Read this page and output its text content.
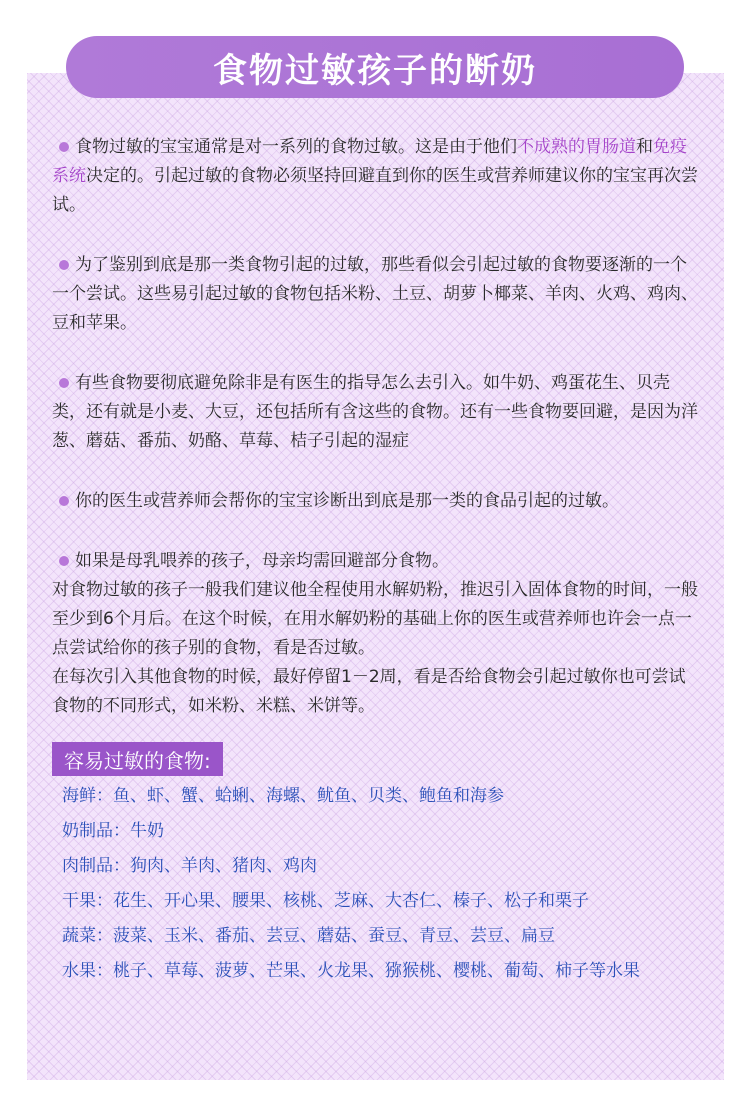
食物过敏孩子的断奶

食物过敏的宝宝通常是对一系列的食物过敏。这是由于他们不成熟的胃肠道和免疫系统决定的。引起过敏的食物必须坚持回避直到你的医生或营养师建议你的宝宝再次尝试。

为了鉴别到底是那一类食物引起的过敏，那些看似会引起过敏的食物要逐渐的一个一个尝试。这些易引起过敏的食物包括米粉、土豆、胡萝卜椰菜、羊肉、火鸡、鸡肉、豆和苹果。

有些食物要彻底避免除非是有医生的指导怎么去引入。如牛奶、鸡蛋花生、贝壳类，还有就是小麦、大豆，还包括所有含这些的食物。还有一些食物要回避，是因为洋葱、蘑菇、番茄、奶酪、草莓、桔子引起的湿症

你的医生或营养师会帮你的宝宝诊断出到底是那一类的食品引起的过敏。

如果是母乳喂养的孩子，母亲均需回避部分食物。
对食物过敏的孩子一般我们建议他全程使用水解奶粉，推迟引入固体食物的时间，一般至少到6个月后。在这个时候，在用水解奶粉的基础上你的医生或营养师也许会一点一点尝试给你的孩子别的食物，看是否过敏。
在每次引入其他食物的时候，最好停留1－2周，看是否给食物会引起过敏你也可尝试食物的不同形式，如米粉、米糕、米饼等。
容易过敏的食物:
海鲜：鱼、虾、蟹、蛤蜊、海螺、鱿鱼、贝类、鲍鱼和海参
奶制品：牛奶
肉制品：狗肉、羊肉、猪肉、鸡肉
干果：花生、开心果、腰果、核桃、芝麻、大杏仁、榛子、松子和栗子
蔬菜：菠菜、玉米、番茄、芸豆、蘑菇、蚕豆、青豆、芸豆、扁豆
水果：桃子、草莓、菠萝、芒果、火龙果、猕猴桃、樱桃、葡萄、柿子等水果
